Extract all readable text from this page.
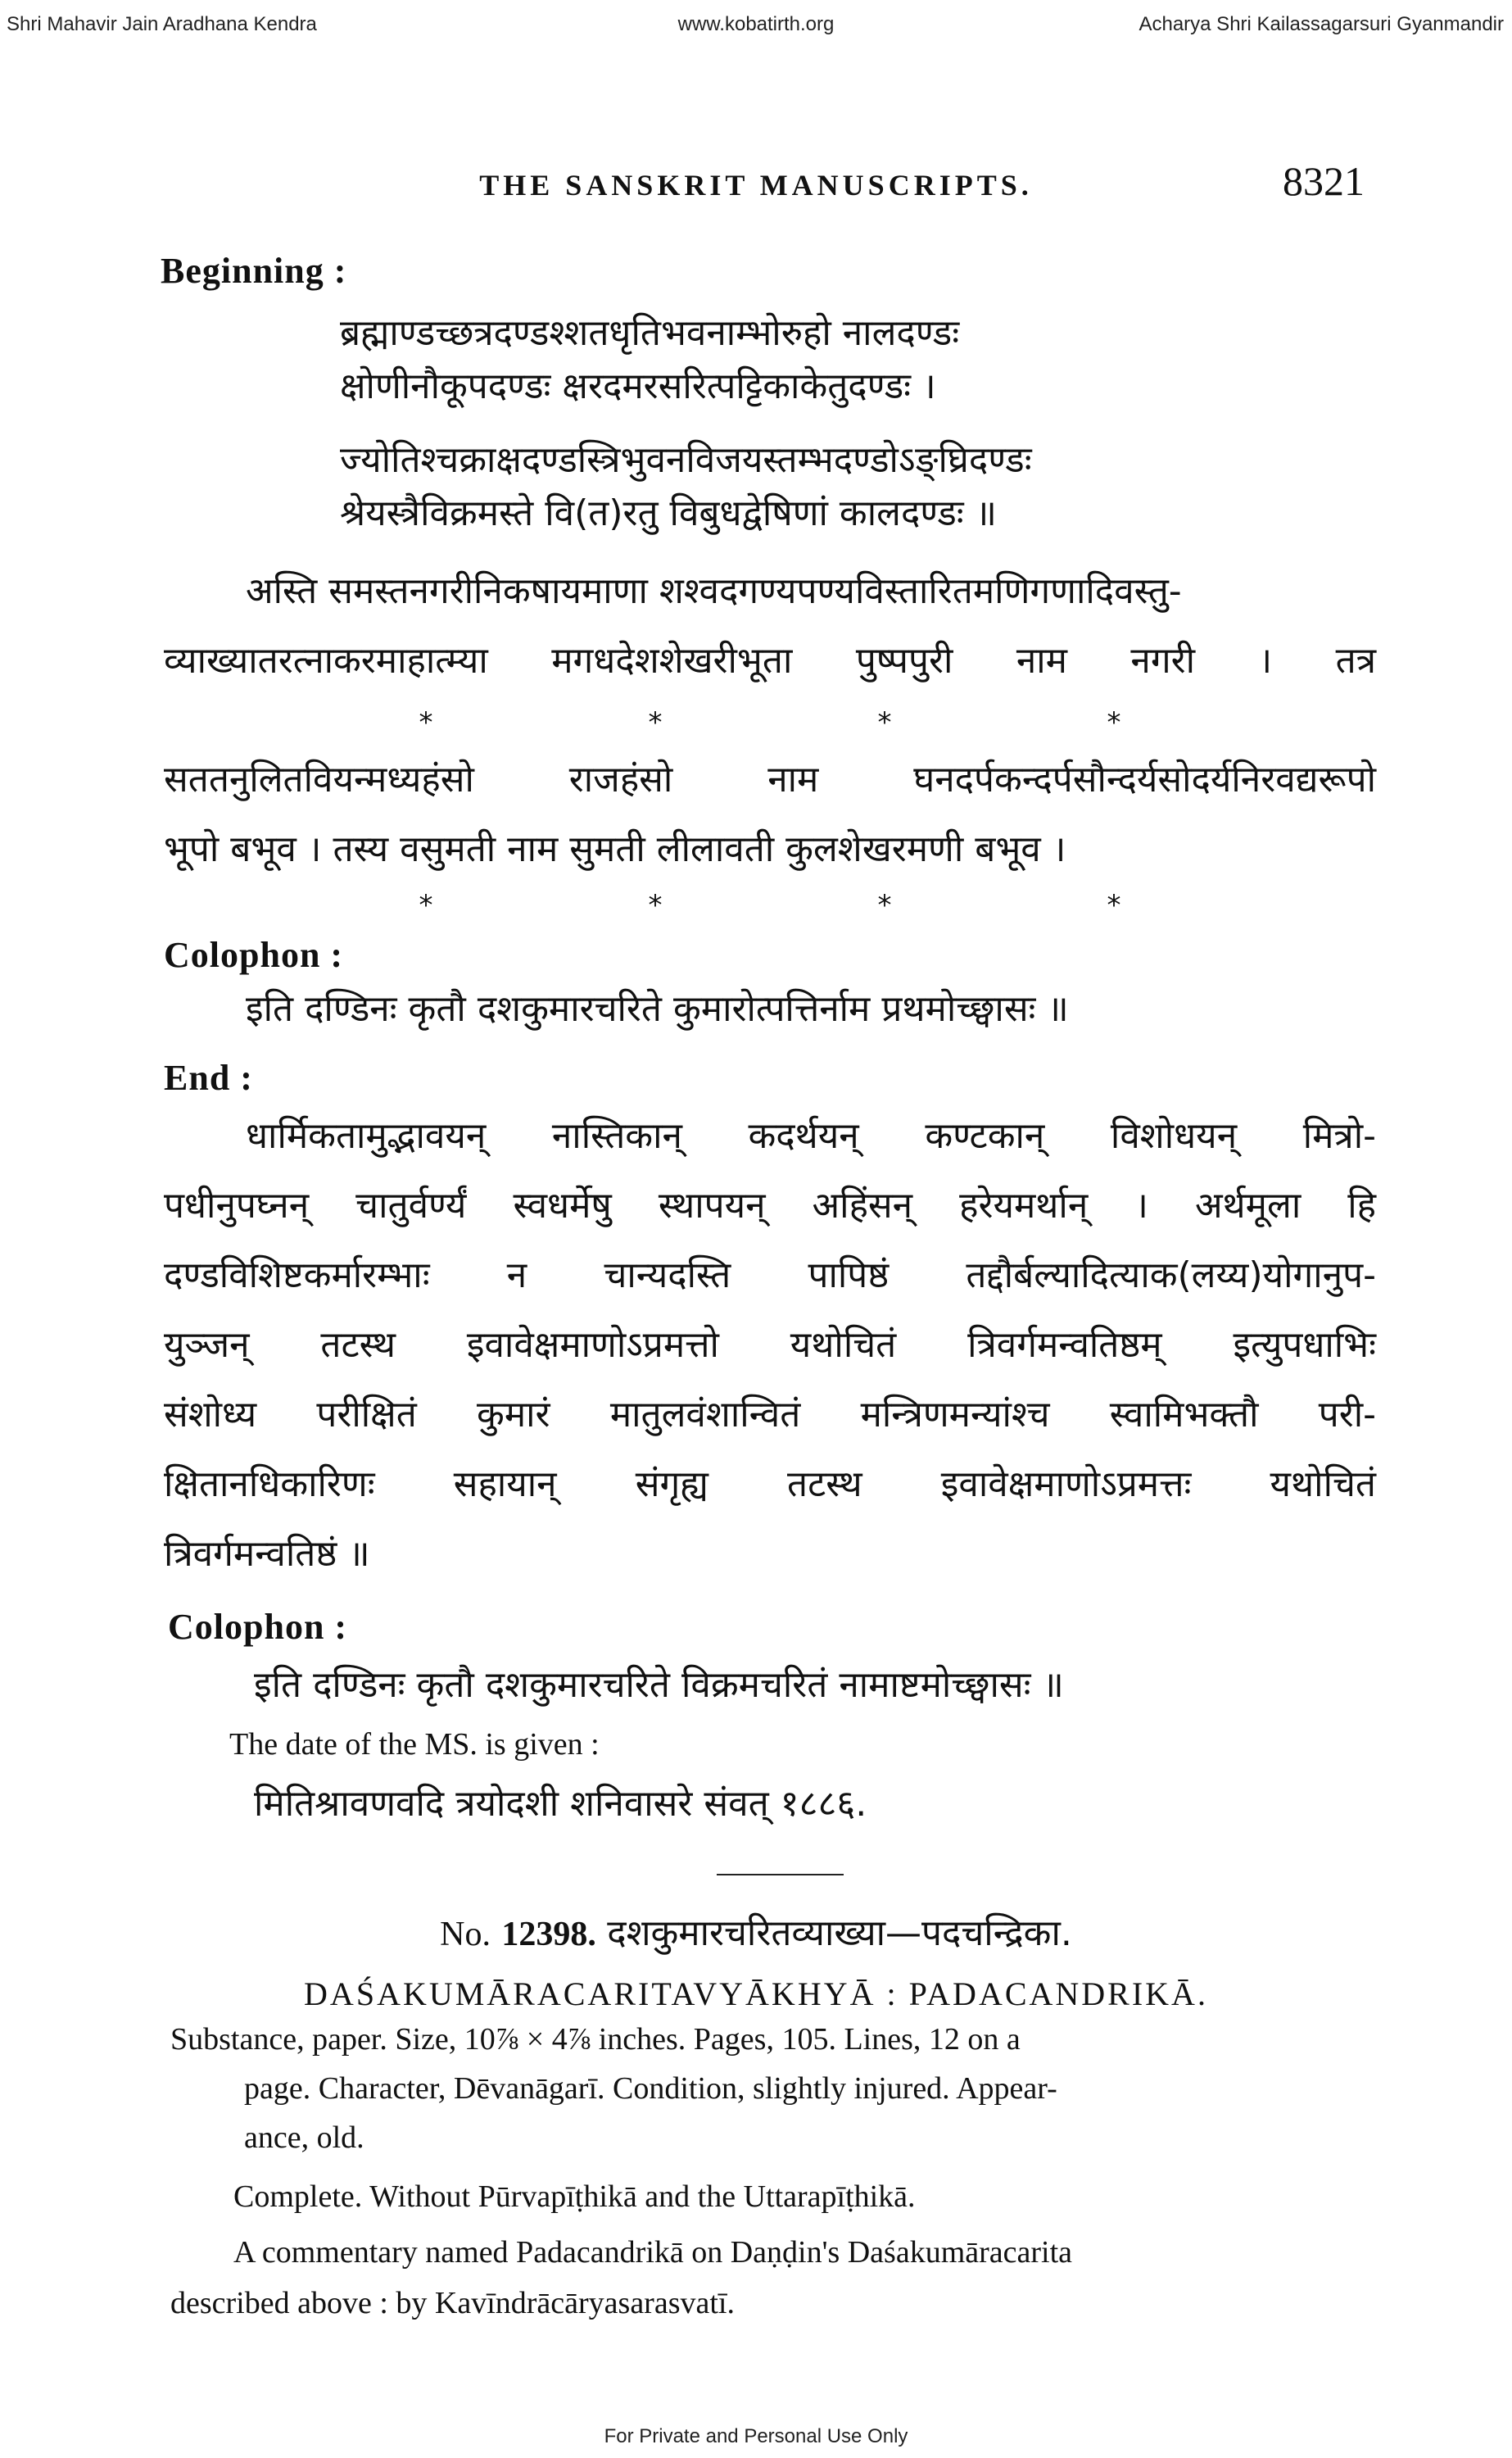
Shri Mahavir Jain Aradhana Kendra	www.kobatirth.org	Acharya Shri Kailassagarsuri Gyanmandir
THE SANSKRIT MANUSCRIPTS.	8321
Beginning :
ब्रह्माण्डच्छत्रदण्डश्शतधृतिभवनाम्भोरुहो नालदण्डः
क्षोणीनौकूपदण्डः क्षरदमरसरित्पट्टिकाकेतुदण्डः ।
ज्योतिश्चक्राक्षदण्डस्त्रिभुवनविजयस्तम्भदण्डोऽङ्घ्रिदण्डः
श्रेयस्त्रैविक्रमस्ते वि(त)रतु विबुधद्वेषिणां कालदण्डः ॥
अस्ति समस्तनगरीनिकषायमाणा शश्वदगण्यपण्यविस्तारितमणिगणादिवस्तु-
व्याख्यातरत्नाकरमाहात्म्या मगधदेशशेखरीभूता पुष्पपुरी नाम नगरी । तत्र
*	*	*	*
सततनुलितवियन्मध्यहंसो राजहंसो नाम घनदर्पकन्दर्पसौन्दर्यसोदर्यनिरवद्यरूपो
भूपो बभूव । तस्य वसुमती नाम सुमती लीलावती कुलशेखरमणी बभूव ।
*	*	*	*
Colophon :
इति दण्डिनः कृतौ दशकुमारचरिते कुमारोत्पत्तिर्नाम प्रथमोच्छ्वासः ॥
End :
धार्मिकतामुद्भावयन् नास्तिकान् कदर्थयन् कण्टकान् विशोधयन् मित्रो-
पधीनुपघ्नन् चातुर्वर्ण्यं स्वधर्मेषु स्थापयन् अहिंसन् हरेयमर्थान् । अर्थमूला हि
दण्डविशिष्टकर्मारम्भाः न चान्यदस्ति पापिष्ठं तद्दौर्बल्यादित्याक(लय्य)योगानुप-
युञ्जन् तटस्थ इवावेक्षमाणोऽप्रमत्तो यथोचितं त्रिवर्गमन्वतिष्ठम् इत्युपधाभिः
संशोध्य परीक्षितं कुमारं मातुलवंशान्वितं मन्त्रिणमन्यांश्च स्वामिभक्तौ परी-
क्षितानधिकारिणः सहायान् संगृह्य तटस्थ इवावेक्षमाणोऽप्रमत्तः यथोचितं
त्रिवर्गमन्वतिष्ठं ॥
Colophon :
इति दण्डिनः कृतौ दशकुमारचरिते विक्रमचरितं नामाष्टमोच्छ्वासः ॥
The date of the MS. is given :
मितिश्रावणवदि त्रयोदशी शनिवासरे संवत् १८८६.
No. 12398. दशकुमारचरितव्याख्या—पदचन्द्रिका.
DAŚAKUMĀRACARITAVYĀKHYĀ : PADACANDRIKĀ.
Substance, paper. Size, 10⅞ × 4⅞ inches. Pages, 105. Lines, 12 on a
page. Character, Dēvanāgarī. Condition, slightly injured. Appear-
ance, old.
Complete. Without Pūrvapīṭhikā and the Uttarapīṭhikā.
A commentary named Padacandrikā on Daṇḍin's Daśakumāracarita
described above : by Kavīndrācāryasarasvatī.
For Private and Personal Use Only
